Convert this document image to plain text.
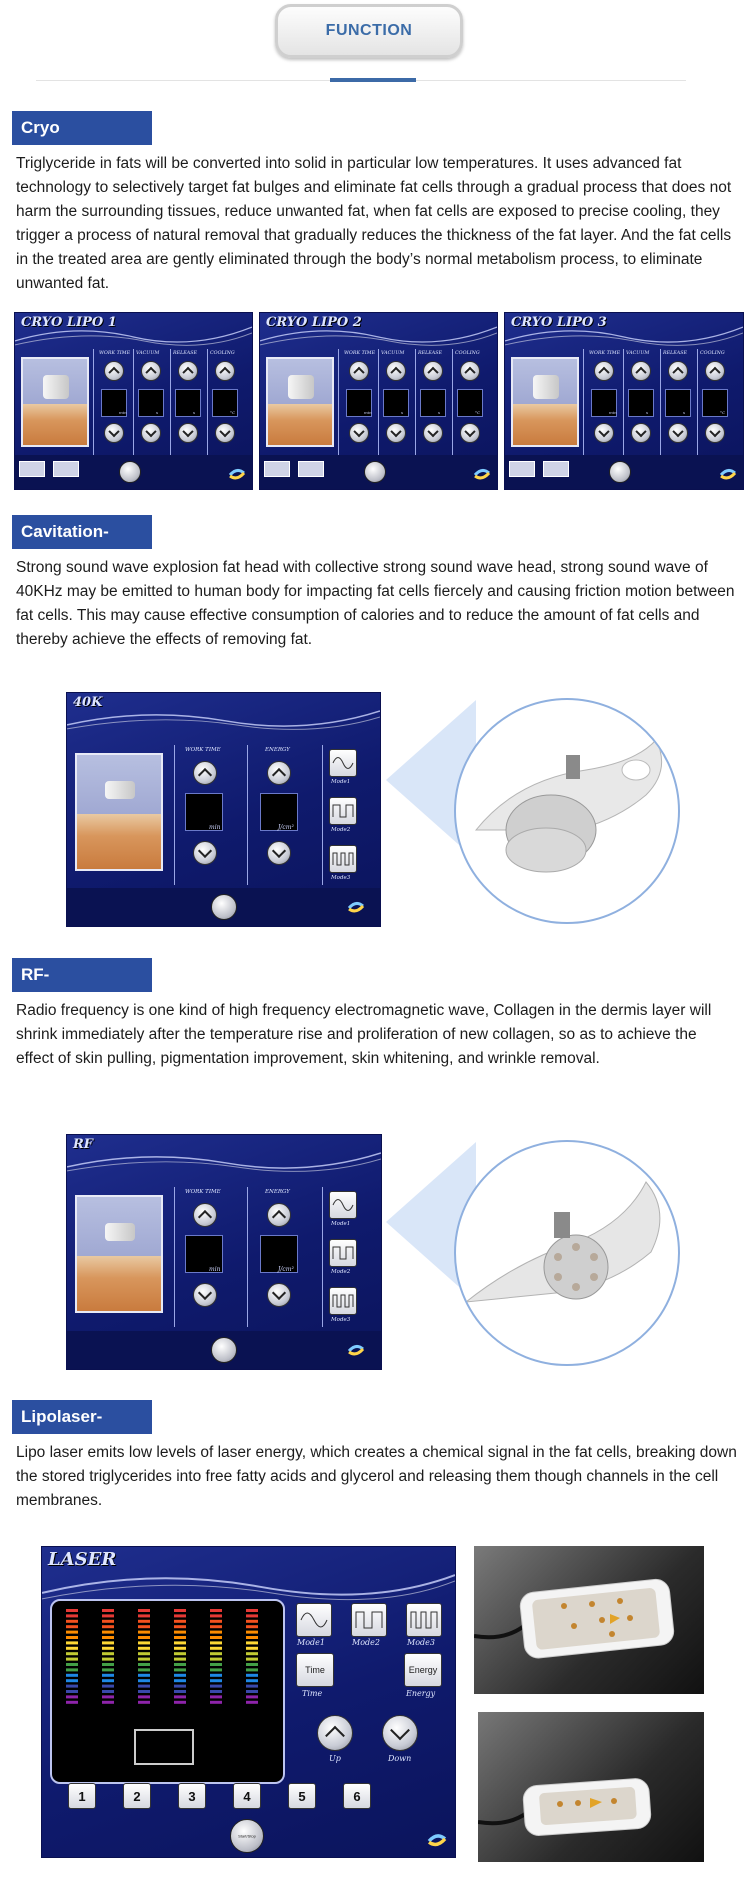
FUNCTION
Cryo

Triglyceride in fats will be converted into solid in particular low temperatures. It uses advanced fat technology to selectively target fat bulges and eliminate fat cells through a gradual process that does not harm the surrounding tissues, reduce unwanted fat, when fat cells are exposed to precise cooling, they trigger a process of natural removal that gradually reduces the thickness of the fat layer. And the fat cells in the treated area are gently eliminated through the body’s normal metabolism process, to eliminate unwanted fat.

CRYO LIPO 1
WORK TIME
min
VACUUM
s
RELEASE
s
COOLING
°C
CRYO LIPO 2
WORK TIME
min
VACUUM
s
RELEASE
s
COOLING
°C
CRYO LIPO 3
WORK TIME
min
VACUUM
s
RELEASE
s
COOLING
°C
Cavitation-

Strong sound wave explosion fat head with collective strong sound wave head, strong sound wave of 40KHz may be emitted to human body for impacting fat cells fiercely and causing friction motion between fat cells. This may cause effective consumption of calories and to reduce the amount of fat cells and thereby achieve the effects of removing fat.

40K
WORK TIME	ENERGY
min	J/cm²
Mode1
Mode2
Mode3
RF-

Radio frequency is one kind of high frequency electromagnetic wave, Collagen in the dermis layer will shrink immediately after the temperature rise and proliferation of new collagen, so as to achieve the effect of skin pulling, pigmentation improvement, skin whitening, and wrinkle removal.

RF
WORK TIME	ENERGY
min	J/cm²
Mode1
Mode2
Mode3
Lipolaser-

Lipo laser emits low levels of laser energy, which creates a chemical signal in the fat cells, breaking down the stored triglycerides into free fatty acids and glycerol and releasing them though channels in the cell membranes.

LASER
Mode1	Mode2	Mode3
Time
Time
Energy
Energy
Up	Down
1	2	3	4	5	6
Start/Stop
